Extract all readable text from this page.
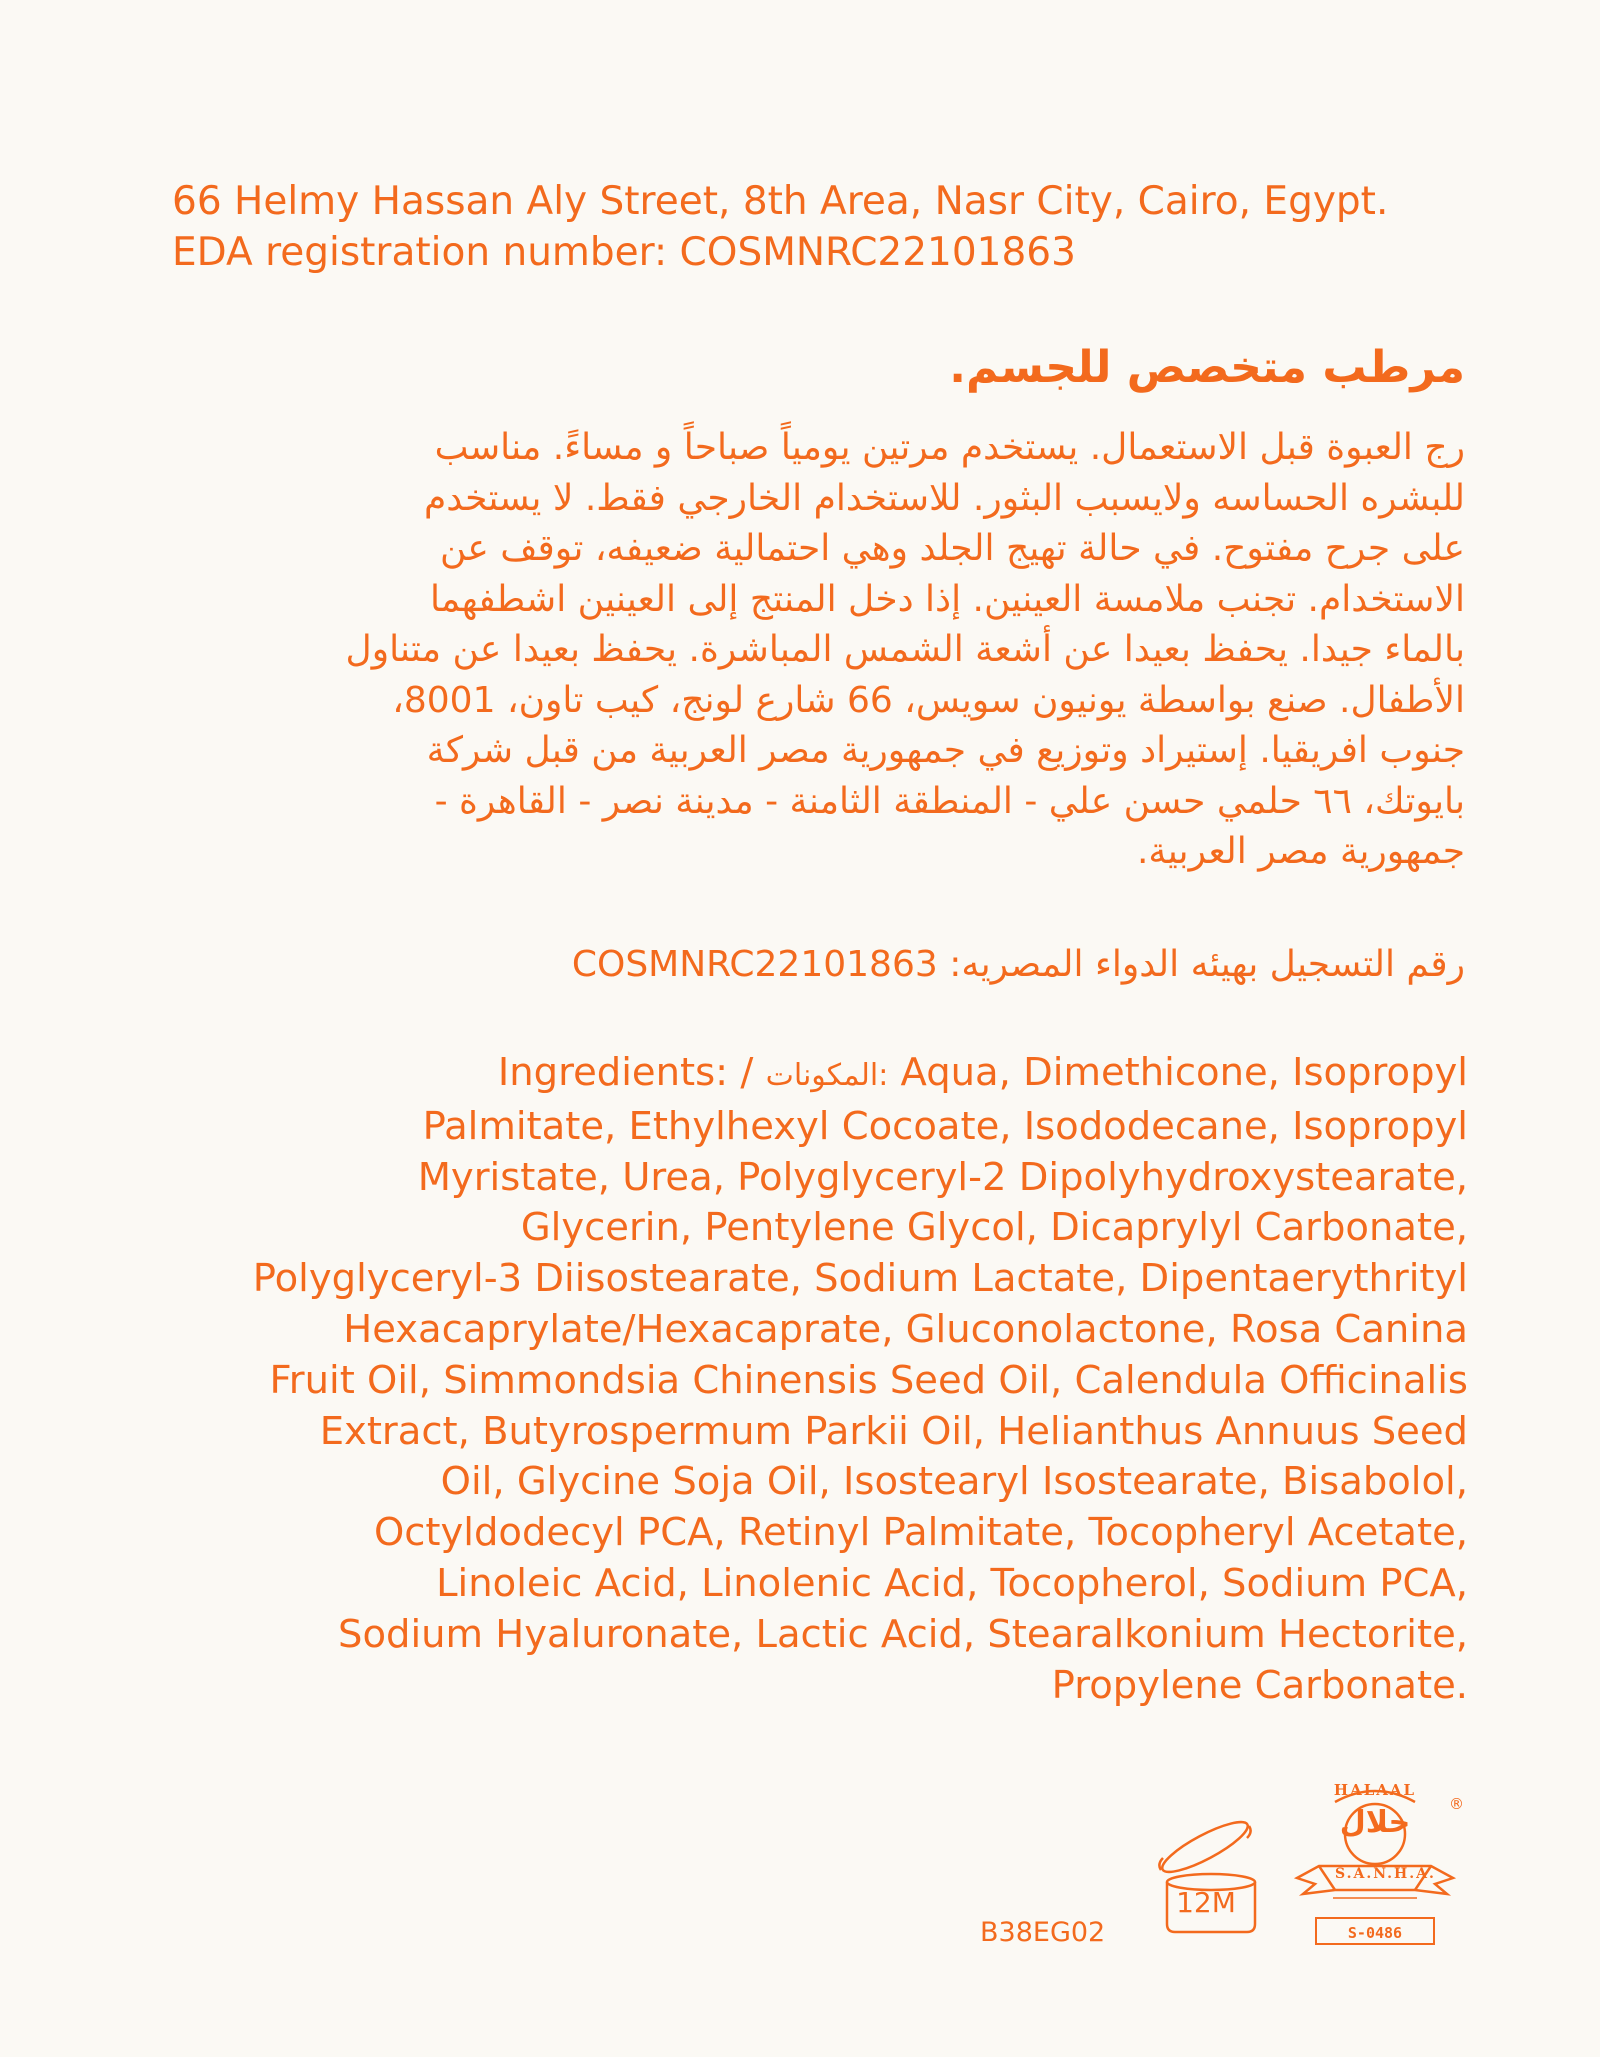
66 Helmy Hassan Aly Street, 8th Area, Nasr City, Cairo, Egypt.
EDA registration number: COSMNRC22101863
مرطب متخصص للجسم.
رج العبوة قبل الاستعمال. يستخدم مرتين يومياً صباحاً و مساءً. مناسب
للبشره الحساسه ولايسبب البثور. للاستخدام الخارجي فقط. لا يستخدم
على جرح مفتوح. في حالة تهيج الجلد وهي احتمالية ضعيفه، توقف عن
الاستخدام. تجنب ملامسة العينين. إذا دخل المنتج إلى العينين اشطفهما
بالماء جيدا. يحفظ بعيدا عن أشعة الشمس المباشرة. يحفظ بعيدا عن متناول
الأطفال. صنع بواسطة يونيون سويس، 66 شارع لونج، كيب تاون، 8001،
جنوب افريقيا. إستيراد وتوزيع في جمهورية مصر العربية من قبل شركة
بايوتك، ٦٦ حلمي حسن علي - المنطقة الثامنة - مدينة نصر - القاهرة -
جمهورية مصر العربية.
رقم التسجيل بهيئه الدواء المصريه: COSMNRC22101863
Ingredients: / المكونات: Aqua, Dimethicone, Isopropyl
Palmitate, Ethylhexyl Cocoate, Isododecane, Isopropyl
Myristate, Urea, Polyglyceryl-2 Dipolyhydroxystearate,
Glycerin, Pentylene Glycol, Dicaprylyl Carbonate,
Polyglyceryl-3 Diisostearate, Sodium Lactate, Dipentaerythrityl
Hexacaprylate/Hexacaprate, Gluconolactone, Rosa Canina
Fruit Oil, Simmondsia Chinensis Seed Oil, Calendula Officinalis
Extract, Butyrospermum Parkii Oil, Helianthus Annuus Seed
Oil, Glycine Soja Oil, Isostearyl Isostearate, Bisabolol,
Octyldodecyl PCA, Retinyl Palmitate, Tocopheryl Acetate,
Linoleic Acid, Linolenic Acid, Tocopherol, Sodium PCA,
Sodium Hyaluronate, Lactic Acid, Stearalkonium Hectorite,
Propylene Carbonate.
B38EG02
12M
HALAAL
حلال
S.A.N.H.A.
S-0486
®
